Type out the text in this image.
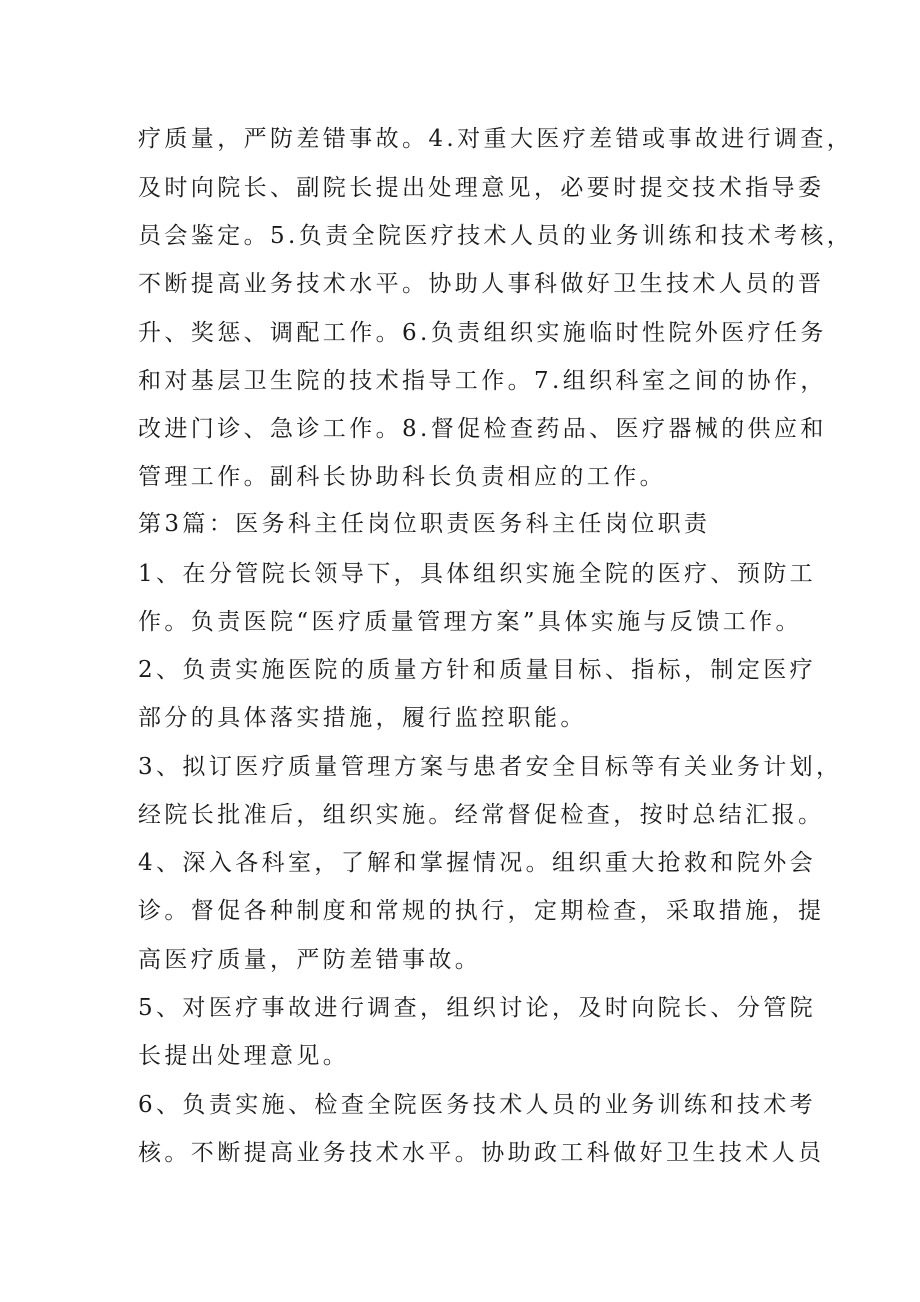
疗质量，严防差错事故。4.对重大医疗差错或事故进行调查，
及时向院长、副院长提出处理意见，必要时提交技术指导委
员会鉴定。5.负责全院医疗技术人员的业务训练和技术考核，
不断提高业务技术水平。协助人事科做好卫生技术人员的晋
升、奖惩、调配工作。6.负责组织实施临时性院外医疗任务
和对基层卫生院的技术指导工作。7.组织科室之间的协作，
改进门诊、急诊工作。8.督促检查药品、医疗器械的供应和
管理工作。副科长协助科长负责相应的工作。
第3篇：医务科主任岗位职责医务科主任岗位职责
1、在分管院长领导下，具体组织实施全院的医疗、预防工
作。负责医院“医疗质量管理方案”具体实施与反馈工作。
2、负责实施医院的质量方针和质量目标、指标，制定医疗
部分的具体落实措施，履行监控职能。
3、拟订医疗质量管理方案与患者安全目标等有关业务计划，
经院长批准后，组织实施。经常督促检查，按时总结汇报。
4、深入各科室，了解和掌握情况。组织重大抢救和院外会
诊。督促各种制度和常规的执行，定期检查，采取措施，提
高医疗质量，严防差错事故。
5、对医疗事故进行调查，组织讨论，及时向院长、分管院
长提出处理意见。
6、负责实施、检查全院医务技术人员的业务训练和技术考
核。不断提高业务技术水平。协助政工科做好卫生技术人员
